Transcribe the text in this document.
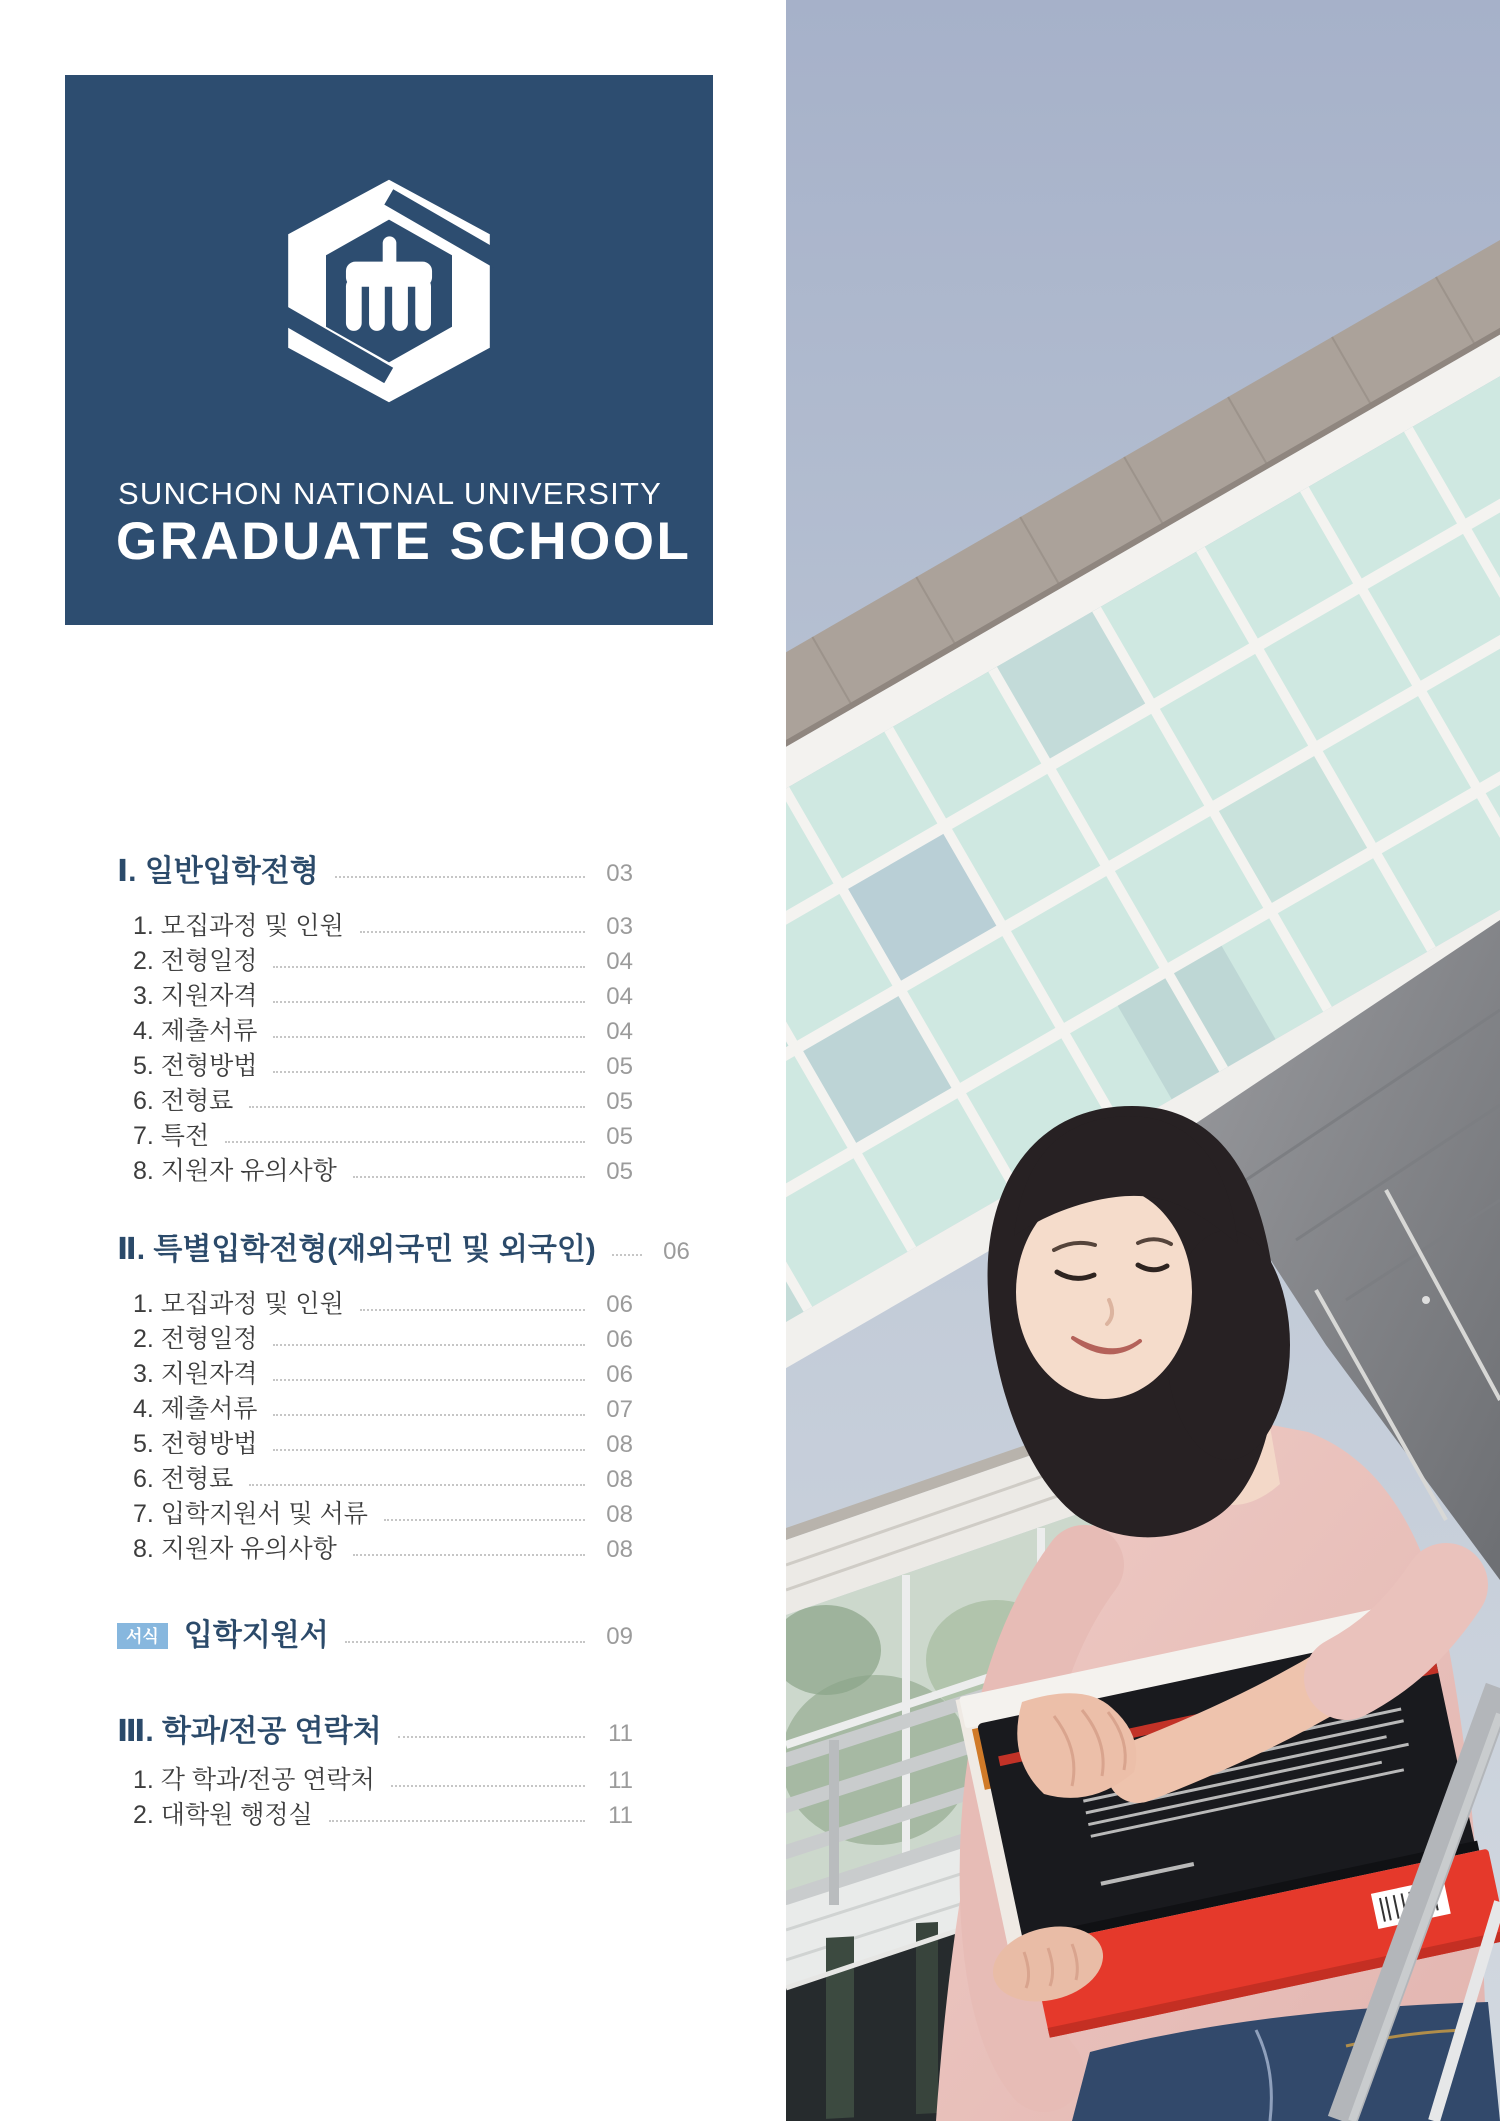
SUNCHON NATIONAL UNIVERSITY
GRADUATE SCHOOL
Ⅰ. 일반입학전형	03
1. 모집과정 및 인원	03
2. 전형일정	04
3. 지원자격	04
4. 제출서류	04
5. 전형방법	05
6. 전형료	05
7. 특전	05
8. 지원자 유의사항	05
Ⅱ. 특별입학전형(재외국민 및 외국인)	06
1. 모집과정 및 인원	06
2. 전형일정	06
3. 지원자격	06
4. 제출서류	07
5. 전형방법	08
6. 전형료	08
7. 입학지원서 및 서류	08
8. 지원자 유의사항	08
서식 입학지원서	09
Ⅲ. 학과/전공 연락처	11
1. 각 학과/전공 연락처	11
2. 대학원 행정실	11
